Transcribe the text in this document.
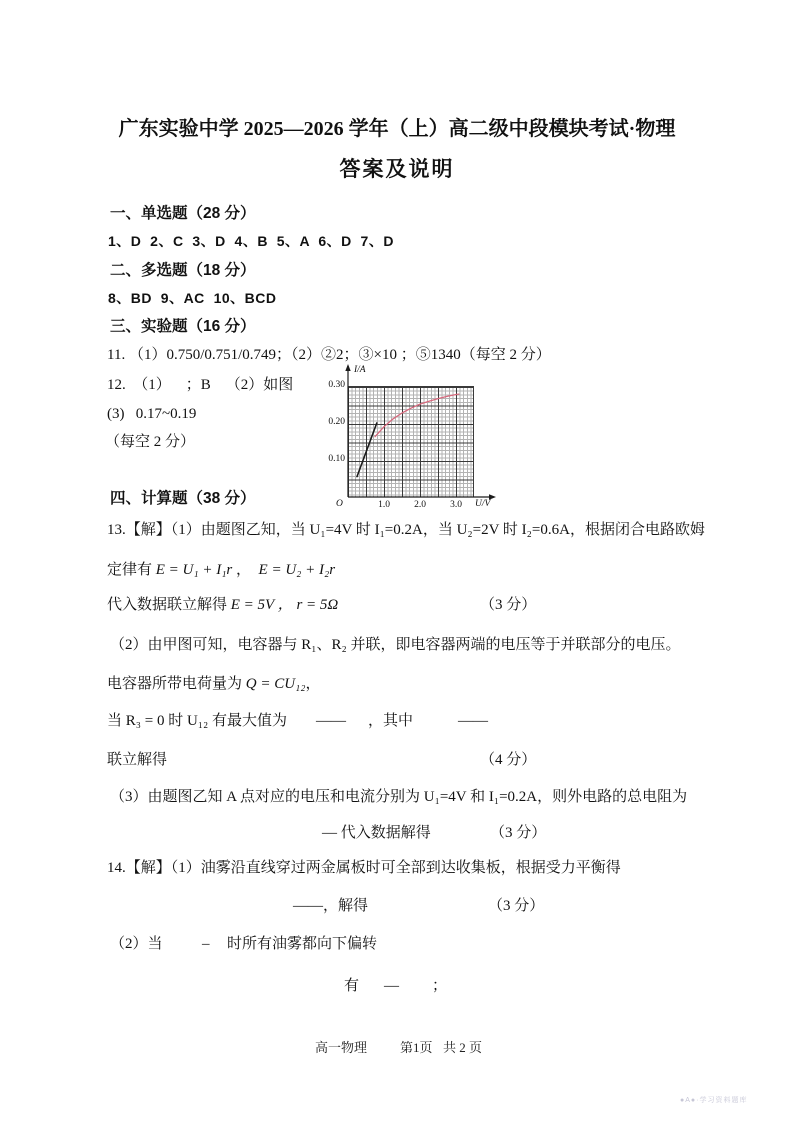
广东实验中学 2025—2026 学年（上）高二级中段模块考试·物理
答案及说明
一、单选题（28 分）
1、D  2、C  3、D  4、B  5、A  6、D  7、D
二、多选题（18 分）
8、BD  9、AC  10、BCD
三、实验题（16 分）
11. （1）0.750/0.751/0.749；（2）②2；③×10 ；⑤1340（每空 2 分）
12.  （1）    ；B    （2）如图
(3)   0.17~0.19
（每空 2 分）
I/A
U/V
O
0.30
0.20
0.10
1.0	2.0	3.0
四、计算题（38 分）
13.【解】（1）由题图乙知，当 U₁=4V 时 I₁=0.2A，当 U₂=2V 时 I₂=0.6A，根据闭合电路欧姆
定律有 E = U₁ + I₁r ，  E = U₂ + I₂r
代入数据联立解得 E = 5V ， r = 5Ω	（3 分）
（2）由甲图可知，电容器与 R₁、R₂ 并联，即电容器两端的电压等于并联部分的电压。
电容器所带电荷量为 Q = CU₁₂，
当 R₃ = 0 时 U₁₂ 有最大值为 —— ，其中	——
联立解得	（4 分）
（3）由题图乙知 A 点对应的电压和电流分别为 U₁=4V 和 I₁=0.2A，则外电路的总电阻为
— 代入数据解得	（3 分）
14.【解】（1）油雾沿直线穿过两金属板时可全部到达收集板，根据受力平衡得
——，解得	（3 分）
（2）当	– 时所有油雾都向下偏转
有 — ；
高一物理	第1页 共 2 页
●A●·学习资料题库
